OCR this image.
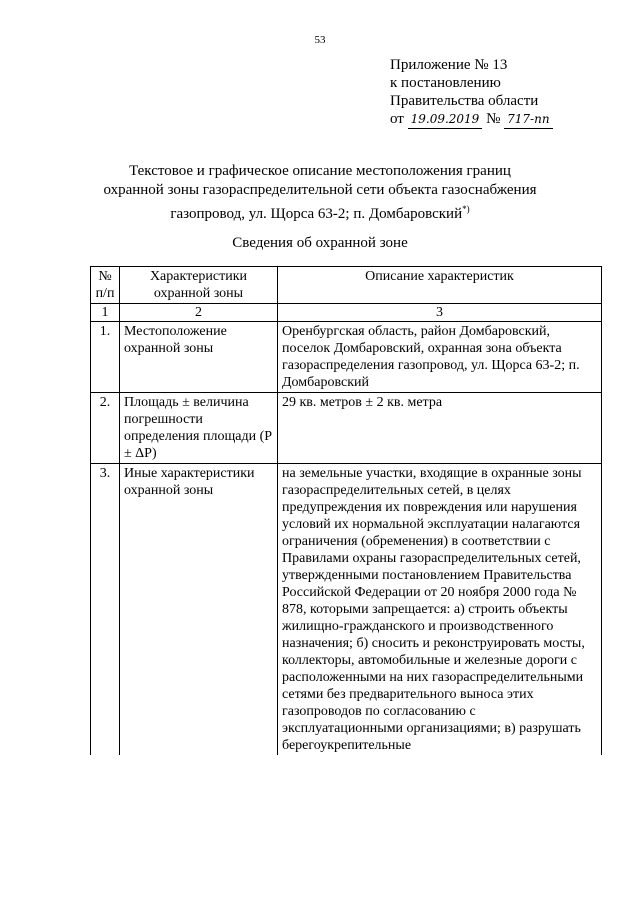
53
Приложение № 13
к постановлению
Правительства области
от 19.09.2019 № 717-пп
Текстовое и графическое описание местоположения границ
охранной зоны газораспределительной сети объекта газоснабжения
газопровод, ул. Щорса 63-2; п. Домбаровский*)
Сведения об охранной зоне
№ п/п	Характеристики охранной зоны	Описание характеристик
1	2	3
1.	Местоположение охранной зоны	Оренбургская область, район Домбаровский, поселок Домбаровский, охранная зона объекта газораспределения газопровод, ул. Щорса 63-2; п. Домбаровский
2.	Площадь ± величина погрешности определения площади (P ± ΔP)	29 кв. метров ± 2 кв. метра
3.	Иные характеристики охранной зоны	на земельные участки, входящие в охранные зоны газораспределительных сетей, в целях предупреждения их повреждения или нарушения условий их нормальной эксплуатации налагаются ограничения (обременения) в соответствии с Правилами охраны газораспределительных сетей, утвержденными постановлением Правительства Российской Федерации от 20 ноября 2000 года № 878, которыми запрещается: а) строить объекты жилищно-гражданского и производственного назначения; б) сносить и реконструировать мосты, коллекторы, автомобильные и железные дороги с расположенными на них газораспределительными сетями без предварительного выноса этих газопроводов по согласованию с эксплуатационными организациями; в) разрушать берегоукрепительные
